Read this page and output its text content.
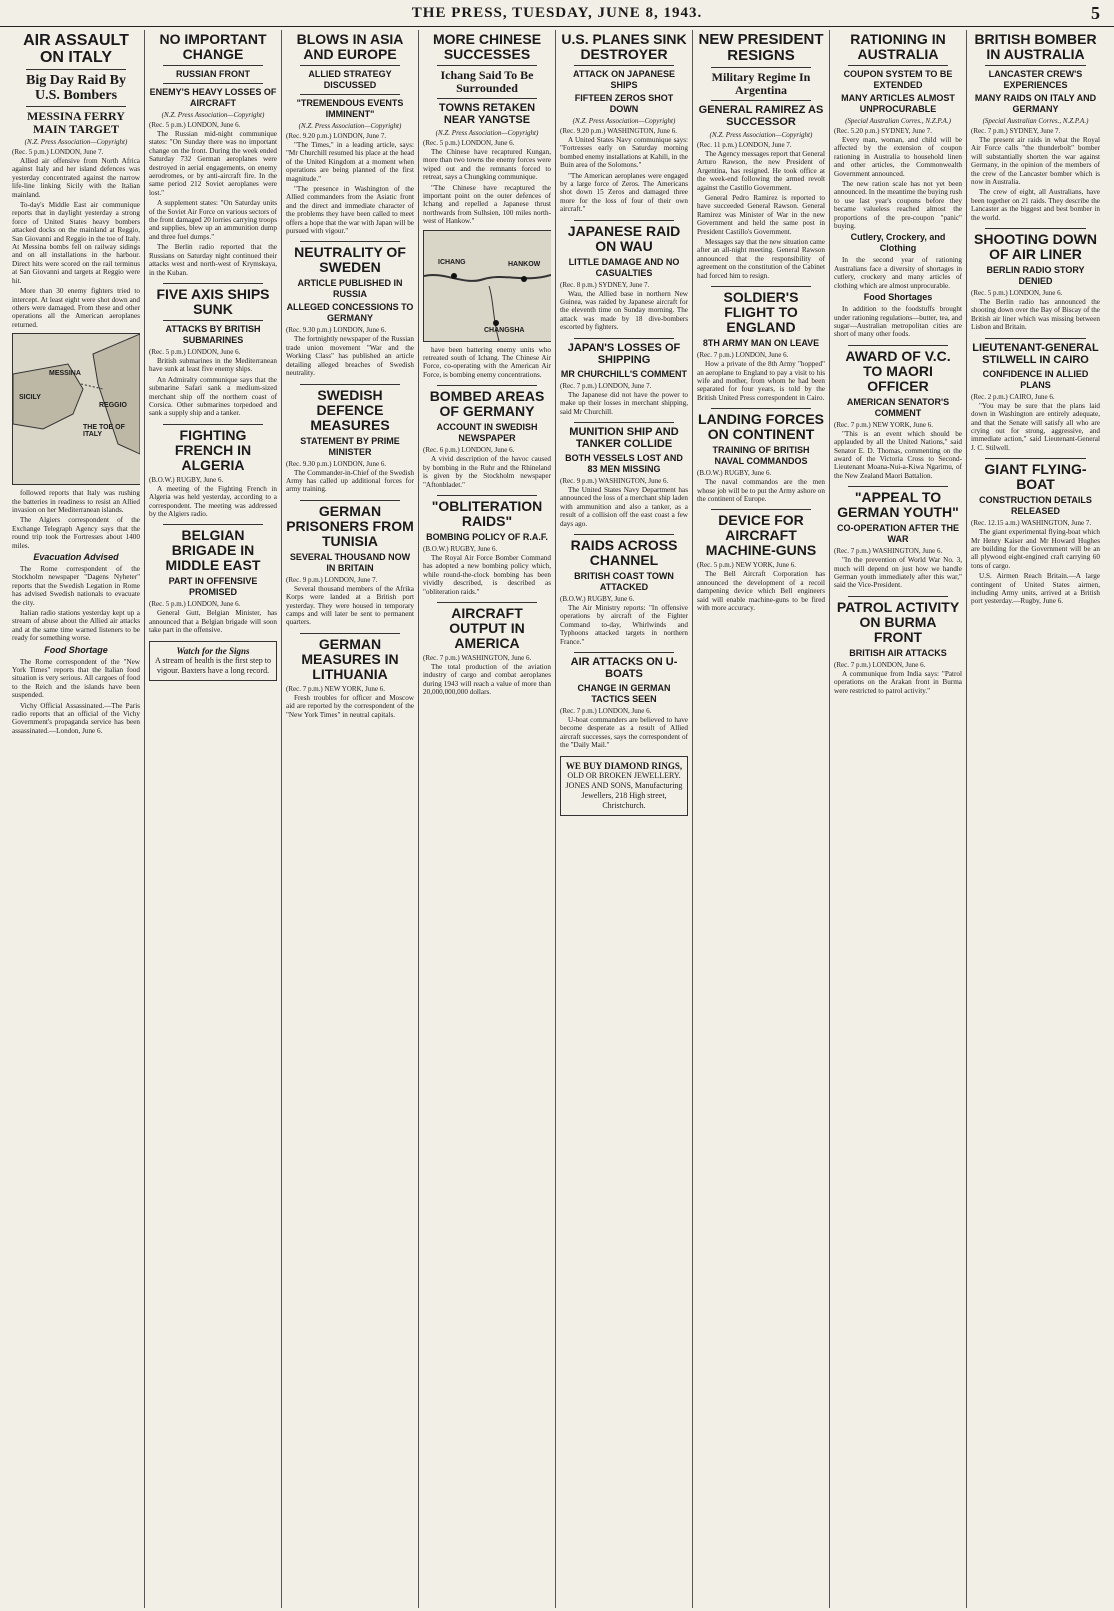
THE PRESS, TUESDAY, JUNE 8, 1943.	5
AIR ASSAULT ON ITALY
Big Day Raid By U.S. Bombers
MESSINA FERRY MAIN TARGET
(N.Z. Press Association—Copyright)
(Rec. 5 p.m.) LONDON, June 7.

Allied air offensive from North Africa against Italy and her island defences was yesterday concentrated against the narrow life-line linking Sicily with the Italian mainland.

To-day's Middle East air communique reports that in daylight yesterday a strong force of United States heavy bombers attacked docks on the mainland at Reggio, San Giovanni and Reggio in the toe of Italy. At Messina bombs fell on railway sidings and on all installations in the harbour. Direct hits were scored on the rail terminus at San Giovanni and targets at Reggio were hit.

More than 30 enemy fighters tried to intercept. At least eight were shot down and others were damaged. From these and other operations all the American aeroplanes returned.

SICILY
MESSINA
THE TOE OF ITALY
REGGIO

followed reports that Italy was rushing the batteries in readiness to resist an Allied invasion on her Mediterranean islands.

The Algiers correspondent of the Exchange Telegraph Agency says that the round trip took the Fortresses about 1400 miles.

Evacuation Advised

The Rome correspondent of the Stockholm newspaper "Dagens Nyheter" reports that the Swedish Legation in Rome has advised Swedish nationals to evacuate the city.

Italian radio stations yesterday kept up a stream of abuse about the Allied air attacks and at the same time warned listeners to be ready for something worse.

Food Shortage

The Rome correspondent of the "New York Times" reports that the Italian food situation is very serious. All cargoes of food to the Reich and the islands have been suspended.

Vichy Official Assassinated.—The Paris radio reports that an official of the Vichy Government's propaganda service has been assassinated.—London, June 6.

NO IMPORTANT CHANGE
RUSSIAN FRONT
ENEMY'S HEAVY LOSSES OF AIRCRAFT
(N.Z. Press Association—Copyright)
(Rec. 5 p.m.) LONDON, June 6.

The Russian mid-night communique states: "On Sunday there was no important change on the front. During the week ended Saturday 732 German aeroplanes were destroyed in aerial engagements, on enemy aerodromes, or by anti-aircraft fire. In the same period 212 Soviet aeroplanes were lost."

A supplement states: "On Saturday units of the Soviet Air Force on various sectors of the front damaged 20 lorries carrying troops and supplies, blew up an ammunition dump and three fuel dumps."

The Berlin radio reported that the Russians on Saturday night continued their attacks west and north-west of Krymskaya, in the Kuban.

FIVE AXIS SHIPS SUNK
ATTACKS BY BRITISH SUBMARINES
(Rec. 5 p.m.) LONDON, June 6.

British submarines in the Mediterranean have sunk at least five enemy ships.

An Admiralty communique says that the submarine Safari sank a medium-sized merchant ship off the northern coast of Corsica. Other submarines torpedoed and sank a supply ship and a tanker.

FIGHTING FRENCH IN ALGERIA
(B.O.W.) RUGBY, June 6.

A meeting of the Fighting French in Algeria was held yesterday, according to a correspondent. The meeting was addressed by the Algiers radio.

BELGIAN BRIGADE IN MIDDLE EAST
PART IN OFFENSIVE PROMISED
(Rec. 5 p.m.) LONDON, June 6.

General Gutt, Belgian Minister, has announced that a Belgian brigade will soon take part in the offensive.

Watch for the Signs
A stream of health is the first step to vigour. Baxters have a long record.
BLOWS IN ASIA AND EUROPE
ALLIED STRATEGY DISCUSSED
"TREMENDOUS EVENTS IMMINENT"
(N.Z. Press Association—Copyright)
(Rec. 9.20 p.m.) LONDON, June 7.

"The Times," in a leading article, says: "Mr Churchill resumed his place at the head of the United Kingdom at a moment when operations are being planned of the first magnitude."

"The presence in Washington of the Allied commanders from the Asiatic front and the direct and immediate character of the problems they have been called to meet offers a hope that the war with Japan will be pursued with vigour."

NEUTRALITY OF SWEDEN
ARTICLE PUBLISHED IN RUSSIA
ALLEGED CONCESSIONS TO GERMANY
(Rec. 9.30 p.m.) LONDON, June 6.

The fortnightly newspaper of the Russian trade union movement "War and the Working Class" has published an article detailing alleged breaches of Swedish neutrality.

SWEDISH DEFENCE MEASURES
STATEMENT BY PRIME MINISTER
(Rec. 9.30 p.m.) LONDON, June 6.

The Commander-in-Chief of the Swedish Army has called up additional forces for army training.

GERMAN PRISONERS FROM TUNISIA
SEVERAL THOUSAND NOW IN BRITAIN
(Rec. 9 p.m.) LONDON, June 7.

Several thousand members of the Afrika Korps were landed at a British port yesterday. They were housed in temporary camps and will later be sent to permanent quarters.

GERMAN MEASURES IN LITHUANIA
(Rec. 7 p.m.) NEW YORK, June 6.

Fresh troubles for officer and Moscow aid are reported by the correspondent of the "New York Times" in neutral capitals.

MORE CHINESE SUCCESSES
Ichang Said To Be Surrounded
TOWNS RETAKEN NEAR YANGTSE
(N.Z. Press Association—Copyright)
(Rec. 5 p.m.) LONDON, June 6.

The Chinese have recaptured Kungan, more than two towns the enemy forces were wiped out and the remnants forced to retreat, says a Chungking communique.

"The Chinese have recaptured the important point on the outer defences of Ichang and repelled a Japanese thrust northwards from Sulhsien, 100 miles north-west of Hankow."

ICHANG	HANKOW
CHANGSHA

have been battering enemy units who retreated south of Ichang. The Chinese Air Force, co-operating with the American Air Force, is bombing enemy concentrations.

BOMBED AREAS OF GERMANY
ACCOUNT IN SWEDISH NEWSPAPER
(Rec. 6 p.m.) LONDON, June 6.

A vivid description of the havoc caused by bombing in the Ruhr and the Rhineland is given by the Stockholm newspaper "Aftonbladet."

"OBLITERATION RAIDS"
BOMBING POLICY OF R.A.F.
(B.O.W.) RUGBY, June 6.

The Royal Air Force Bomber Command has adopted a new bombing policy which, while round-the-clock bombing has been vividly described, is described as "obliteration raids."

AIRCRAFT OUTPUT IN AMERICA
(Rec. 7 p.m.) WASHINGTON, June 6.

The total production of the aviation industry of cargo and combat aeroplanes during 1943 will reach a value of more than 20,000,000,000 dollars.

U.S. PLANES SINK DESTROYER
ATTACK ON JAPANESE SHIPS
FIFTEEN ZEROS SHOT DOWN
(N.Z. Press Association—Copyright)
(Rec. 9.20 p.m.) WASHINGTON, June 6.

A United States Navy communique says: "Fortresses early on Saturday morning bombed enemy installations at Kahili, in the Buin area of the Solomons."

"The American aeroplanes were engaged by a large force of Zeros. The Americans shot down 15 Zeros and damaged three more for the loss of four of their own aircraft."

JAPANESE RAID ON WAU
LITTLE DAMAGE AND NO CASUALTIES
(Rec. 8 p.m.) SYDNEY, June 7.

Wau, the Allied base in northern New Guinea, was raided by Japanese aircraft for the eleventh time on Sunday morning. The attack was made by 18 dive-bombers escorted by fighters.

JAPAN'S LOSSES OF SHIPPING
MR CHURCHILL'S COMMENT
(Rec. 7 p.m.) LONDON, June 7.

The Japanese did not have the power to make up their losses in merchant shipping, said Mr Churchill.

MUNITION SHIP AND TANKER COLLIDE
BOTH VESSELS LOST AND 83 MEN MISSING
(Rec. 9 p.m.) WASHINGTON, June 6.

The United States Navy Department has announced the loss of a merchant ship laden with ammunition and also a tanker, as a result of a collision off the east coast a few days ago.

RAIDS ACROSS CHANNEL
BRITISH COAST TOWN ATTACKED
(B.O.W.) RUGBY, June 6.

The Air Ministry reports: "In offensive operations by aircraft of the Fighter Command to-day, Whirlwinds and Typhoons attacked targets in northern France."

AIR ATTACKS ON U-BOATS
CHANGE IN GERMAN TACTICS SEEN
(Rec. 7 p.m.) LONDON, June 6.

U-boat commanders are believed to have become desperate as a result of Allied aircraft successes, says the correspondent of the "Daily Mail."

WE BUY DIAMOND RINGS,
OLD OR BROKEN JEWELLERY. JONES AND SONS, Manufacturing Jewellers, 218 High street, Christchurch.
NEW PRESIDENT RESIGNS
Military Regime In Argentina
GENERAL RAMIREZ AS SUCCESSOR
(N.Z. Press Association—Copyright)
(Rec. 11 p.m.) LONDON, June 7.

The Agency messages report that General Arturo Rawson, the new President of Argentina, has resigned. He took office at the week-end following the armed revolt against the Castillo Government.

General Pedro Ramirez is reported to have succeeded General Rawson. General Ramirez was Minister of War in the new Government and held the same post in President Castillo's Government.

Messages say that the new situation came after an all-night meeting. General Rawson announced that the responsibility of agreement on the constitution of the Cabinet had forced him to resign.

SOLDIER'S FLIGHT TO ENGLAND
8TH ARMY MAN ON LEAVE
(Rec. 7 p.m.) LONDON, June 6.

How a private of the 8th Army "hopped" an aeroplane to England to pay a visit to his wife and mother, from whom he had been separated for four years, is told by the British United Press correspondent in Cairo.

LANDING FORCES ON CONTINENT
TRAINING OF BRITISH NAVAL COMMANDOS
(B.O.W.) RUGBY, June 6.

The naval commandos are the men whose job will be to put the Army ashore on the continent of Europe.

DEVICE FOR AIRCRAFT MACHINE-GUNS
(Rec. 5 p.m.) NEW YORK, June 6.

The Bell Aircraft Corporation has announced the development of a recoil dampening device which Bell engineers said will enable machine-guns to be fired with more accuracy.

RATIONING IN AUSTRALIA
COUPON SYSTEM TO BE EXTENDED
MANY ARTICLES ALMOST UNPROCURABLE
(Special Australian Corres., N.Z.P.A.)
(Rec. 5.20 p.m.) SYDNEY, June 7.

Every man, woman, and child will be affected by the extension of coupon rationing in Australia to household linen and other articles, the Commonwealth Government announced.

The new ration scale has not yet been announced. In the meantime the buying rush to use last year's coupons before they became valueless reached almost the proportions of the pre-coupon "panic" buying.

Cutlery, Crockery, and Clothing

In the second year of rationing Australians face a diversity of shortages in cutlery, crockery and many articles of clothing which are almost unprocurable.

Food Shortages

In addition to the foodstuffs brought under rationing regulations—butter, tea, and sugar—Australian metropolitan cities are short of many other foods.

AWARD OF V.C. TO MAORI OFFICER
AMERICAN SENATOR'S COMMENT
(Rec. 7 p.m.) NEW YORK, June 6.

"This is an event which should be applauded by all the United Nations," said Senator E. D. Thomas, commenting on the award of the Victoria Cross to Second-Lieutenant Moana-Nui-a-Kiwa Ngarimu, of the New Zealand Maori Battalion.

"APPEAL TO GERMAN YOUTH"
CO-OPERATION AFTER THE WAR
(Rec. 7 p.m.) WASHINGTON, June 6.

"In the prevention of World War No. 3, much will depend on just how we handle German youth immediately after this war," said the Vice-President.

PATROL ACTIVITY ON BURMA FRONT
BRITISH AIR ATTACKS
(Rec. 7 p.m.) LONDON, June 6.

A communique from India says: "Patrol operations on the Arakan front in Burma were restricted to patrol activity."

BRITISH BOMBER IN AUSTRALIA
LANCASTER CREW'S EXPERIENCES
MANY RAIDS ON ITALY AND GERMANY
(Special Australian Corres., N.Z.P.A.)
(Rec. 7 p.m.) SYDNEY, June 7.

The present air raids in what the Royal Air Force calls "the thunderbolt" bomber will substantially shorten the war against Germany, in the opinion of the members of the crew of the Lancaster bomber which is now in Australia.

The crew of eight, all Australians, have been together on 21 raids. They describe the Lancaster as the biggest and best bomber in the world.

SHOOTING DOWN OF AIR LINER
BERLIN RADIO STORY DENIED
(Rec. 5 p.m.) LONDON, June 6.

The Berlin radio has announced the shooting down over the Bay of Biscay of the British air liner which was missing between Lisbon and Britain.

LIEUTENANT-GENERAL STILWELL IN CAIRO
CONFIDENCE IN ALLIED PLANS
(Rec. 2 p.m.) CAIRO, June 6.

"You may be sure that the plans laid down in Washington are entirely adequate, and that the Senate will satisfy all who are crying out for strong, aggressive, and immediate action," said Lieutenant-General J. C. Stilwell.

GIANT FLYING-BOAT
CONSTRUCTION DETAILS RELEASED
(Rec. 12.15 a.m.) WASHINGTON, June 7.

The giant experimental flying-boat which Mr Henry Kaiser and Mr Howard Hughes are building for the Government will be an all plywood eight-engined craft carrying 60 tons of cargo.

U.S. Airmen Reach Britain.—A large contingent of United States airmen, including Army units, arrived at a British port yesterday.—Rugby, June 6.
